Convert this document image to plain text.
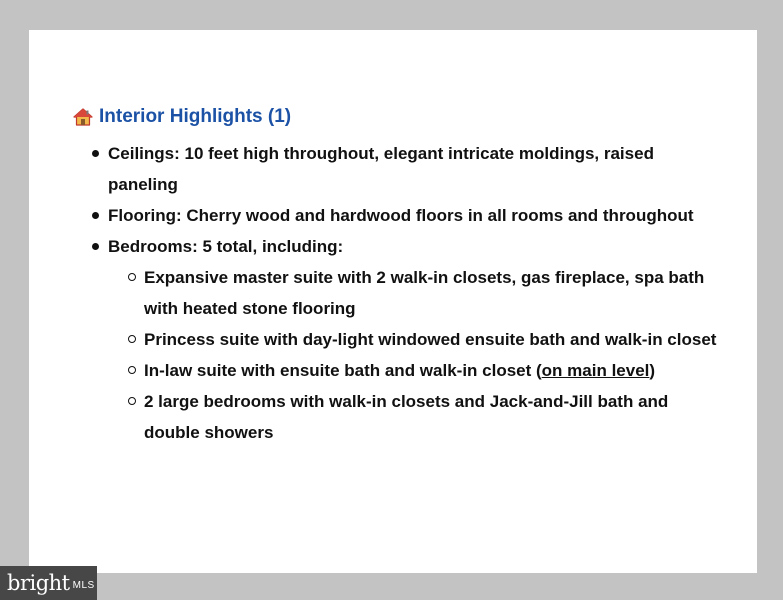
Interior Highlights (1)
Ceilings: 10 feet high throughout, elegant intricate moldings, raised paneling
Flooring: Cherry wood and hardwood floors in all rooms and throughout
Bedrooms: 5 total, including:
Expansive master suite with 2 walk-in closets, gas fireplace, spa bath with heated stone flooring
Princess suite with day-light windowed ensuite bath and walk-in closet
In-law suite with ensuite bath and walk-in closet (on main level)
2 large bedrooms with walk-in closets and Jack-and-Jill bath and double showers
bright MLS
